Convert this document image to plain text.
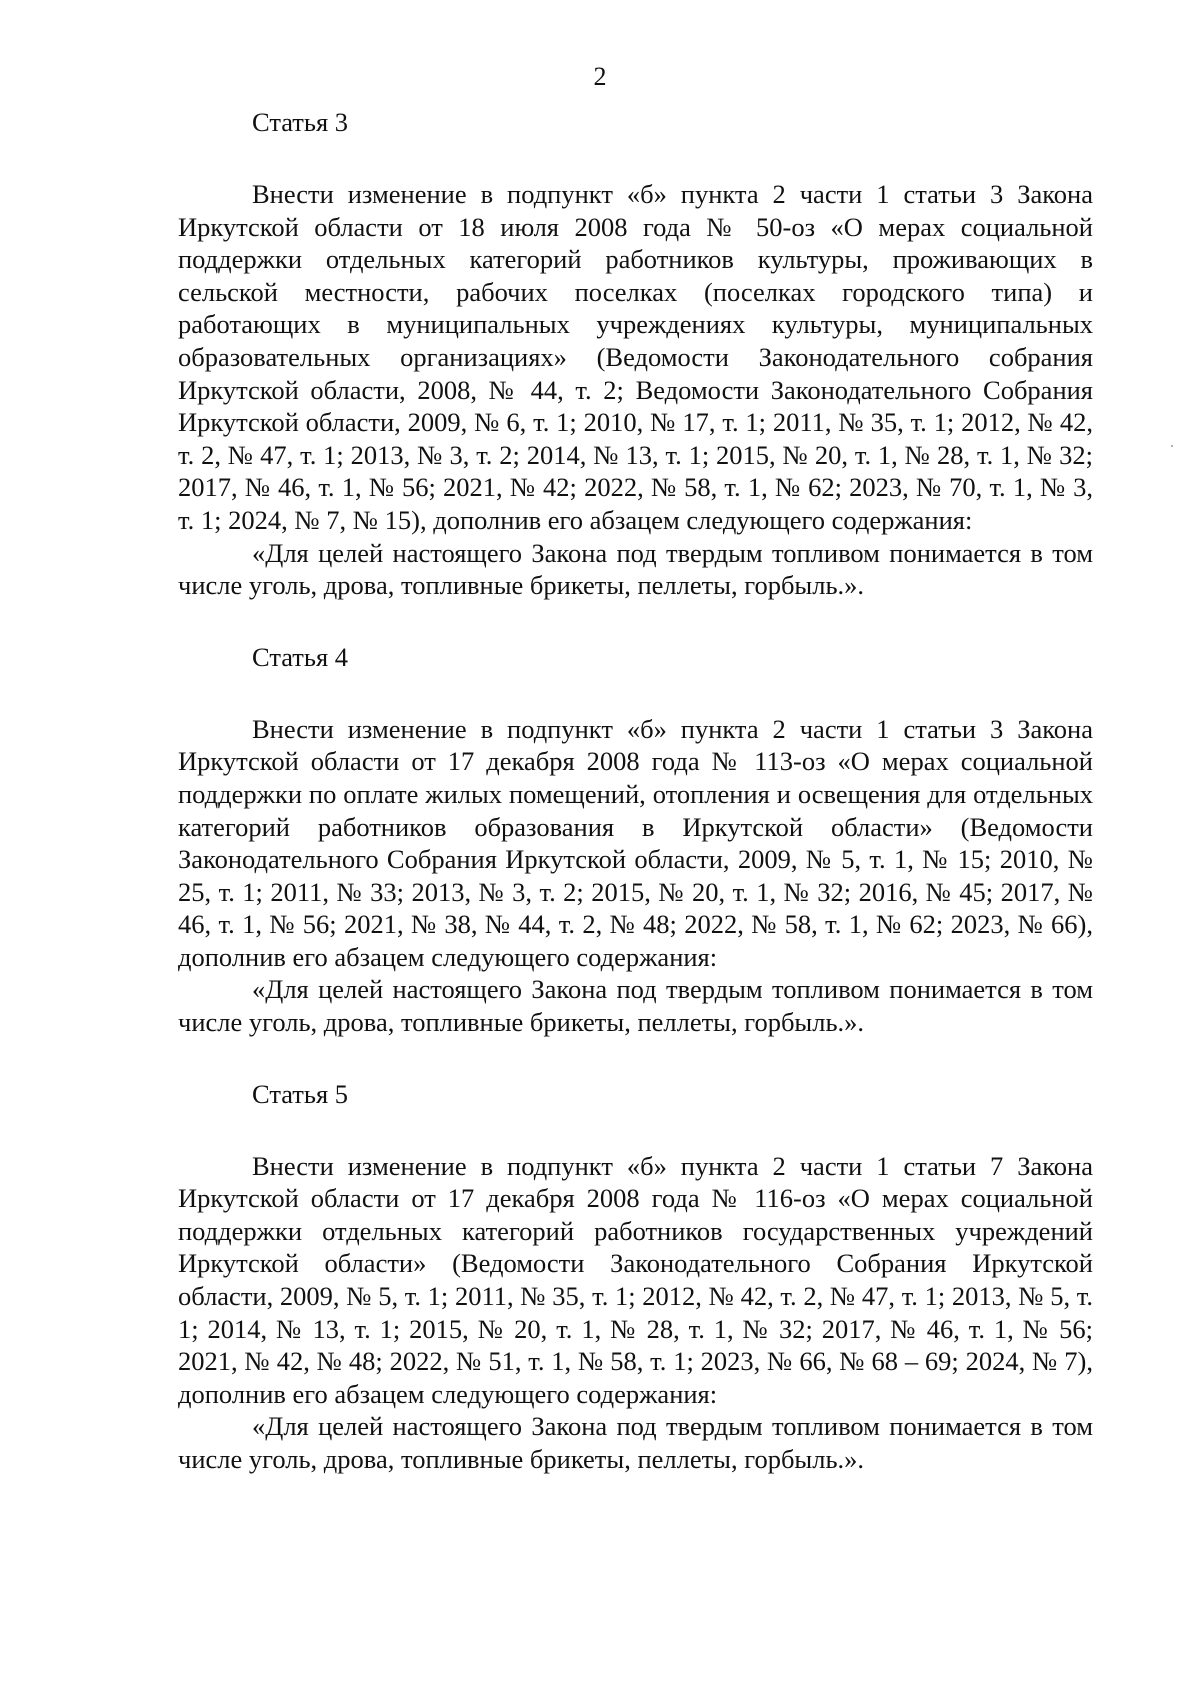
2
Статья 3

Внести изменение в подпункт «б» пункта 2 части 1 статьи 3 Закона Иркутской области от 18 июля 2008 года № 50-оз «О мерах социальной поддержки отдельных категорий работников культуры, проживающих в сельской местности, рабочих поселках (поселках городского типа) и работающих в муниципальных учреждениях культуры, муниципальных образовательных организациях» (Ведомости Законодательного собрания Иркутской области, 2008, № 44, т. 2; Ведомости Законодательного Собрания Иркутской области, 2009, № 6, т. 1; 2010, № 17, т. 1; 2011, № 35, т. 1; 2012, № 42, т. 2, № 47, т. 1; 2013, № 3, т. 2; 2014, № 13, т. 1; 2015, № 20, т. 1, № 28, т. 1, № 32; 2017, № 46, т. 1, № 56; 2021, № 42; 2022, № 58, т. 1, № 62; 2023, № 70, т. 1, № 3, т. 1; 2024, № 7, № 15), дополнив его абзацем следующего содержания:

«Для целей настоящего Закона под твердым топливом понимается в том числе уголь, дрова, топливные брикеты, пеллеты, горбыль.».

Статья 4

Внести изменение в подпункт «б» пункта 2 части 1 статьи 3 Закона Иркутской области от 17 декабря 2008 года № 113-оз «О мерах социальной поддержки по оплате жилых помещений, отопления и освещения для отдельных категорий работников образования в Иркутской области» (Ведомости Законодательного Собрания Иркутской области, 2009, № 5, т. 1, № 15; 2010, № 25, т. 1; 2011, № 33; 2013, № 3, т. 2; 2015, № 20, т. 1, № 32; 2016, № 45; 2017, № 46, т. 1, № 56; 2021, № 38, № 44, т. 2, № 48; 2022, № 58, т. 1, № 62; 2023, № 66), дополнив его абзацем следующего содержания:

«Для целей настоящего Закона под твердым топливом понимается в том числе уголь, дрова, топливные брикеты, пеллеты, горбыль.».

Статья 5

Внести изменение в подпункт «б» пункта 2 части 1 статьи 7 Закона Иркутской области от 17 декабря 2008 года № 116-оз «О мерах социальной поддержки отдельных категорий работников государственных учреждений Иркутской области» (Ведомости Законодательного Собрания Иркутской области, 2009, № 5, т. 1; 2011, № 35, т. 1; 2012, № 42, т. 2, № 47, т. 1; 2013, № 5, т. 1; 2014, № 13, т. 1; 2015, № 20, т. 1, № 28, т. 1, № 32; 2017, № 46, т. 1, № 56; 2021, № 42, № 48; 2022, № 51, т. 1, № 58, т. 1; 2023, № 66, № 68 – 69; 2024, № 7), дополнив его абзацем следующего содержания:

«Для целей настоящего Закона под твердым топливом понимается в том числе уголь, дрова, топливные брикеты, пеллеты, горбыль.».
